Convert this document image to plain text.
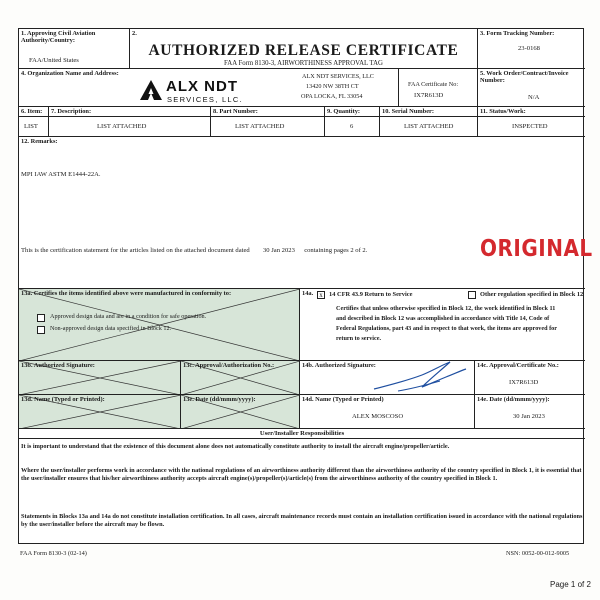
1. Approving Civil Aviation Authority/Country:
FAA/United States
2.
AUTHORIZED RELEASE CERTIFICATE
FAA Form 8130-3, AIRWORTHINESS APPROVAL TAG
3. Form Tracking Number:
23-0168
4. Organization Name and Address:
ALX NDT
SERVICES, LLC.
ALX NDT SERVICES, LLC
13420 NW 38TH CT
OPA LOCKA, FL 33054
FAA Certificate No:
IX7R613D
5. Work Order/Contract/Invoice Number:
N/A
6. Item: 7. Description:	8. Part Number:	9. Quantity:	10. Serial Number:	11. Status/Work:
LIST	LIST ATTACHED	LIST ATTACHED	6	LIST ATTACHED	INSPECTED
12. Remarks:
MPI IAW ASTM E1444-22A.
This is the certification statement for the articles listed on the attached document dated 30 Jan 2023 containing pages 2 of 2.
13a. Certifies the items identified above were manufactured in conformity to:
Approved design data and are in a condition for safe operation.
Non-approved design data specified in Block 12.
14a. x 14 CFR 43.9 Return to Service	Other regulation specified in Block 12
Certifies that unless otherwise specified in Block 12, the work identified in Block 11
and described in Block 12 was accomplished in accordance with Title 14, Code of
Federal Regulations, part 43 and in respect to that work, the items are approved for
return to service.
13b. Authorized Signature:	13c. Approval/Authorization No.:	14b. Authorized Signature:	14c. Approval/Certificate No.:
IX7R613D
13d. Name (Typed or Printed):	13e. Date (dd/mmm/yyyy):	14d. Name (Typed or Printed)
ALEX MOSCOSO
14e. Date (dd/mmm/yyyy):
30 Jan 2023
User/Installer Responsibilities
It is important to understand that the existence of this document alone does not automatically constitute authority to install the aircraft engine/propeller/article.
Where the user/installer performs work in accordance with the national regulations of an airworthiness authority different than the airworthiness authority of the country specified in Block 1, it is essential that the user/installer ensures that his/her airworthiness authority accepts aircraft engine(s)/propeller(s)/article(s) from the airworthiness authority of the country specified in Block 1.
Statements in Blocks 13a and 14a do not constitute installation certification. In all cases, aircraft maintenance records must contain an installation certification issued in accordance with the national regulations by the user/installer before the aircraft may be flown.
ORIGINAL
FAA Form 8130-3 (02-14)	NSN: 0052-00-012-9005
Page 1 of 2
